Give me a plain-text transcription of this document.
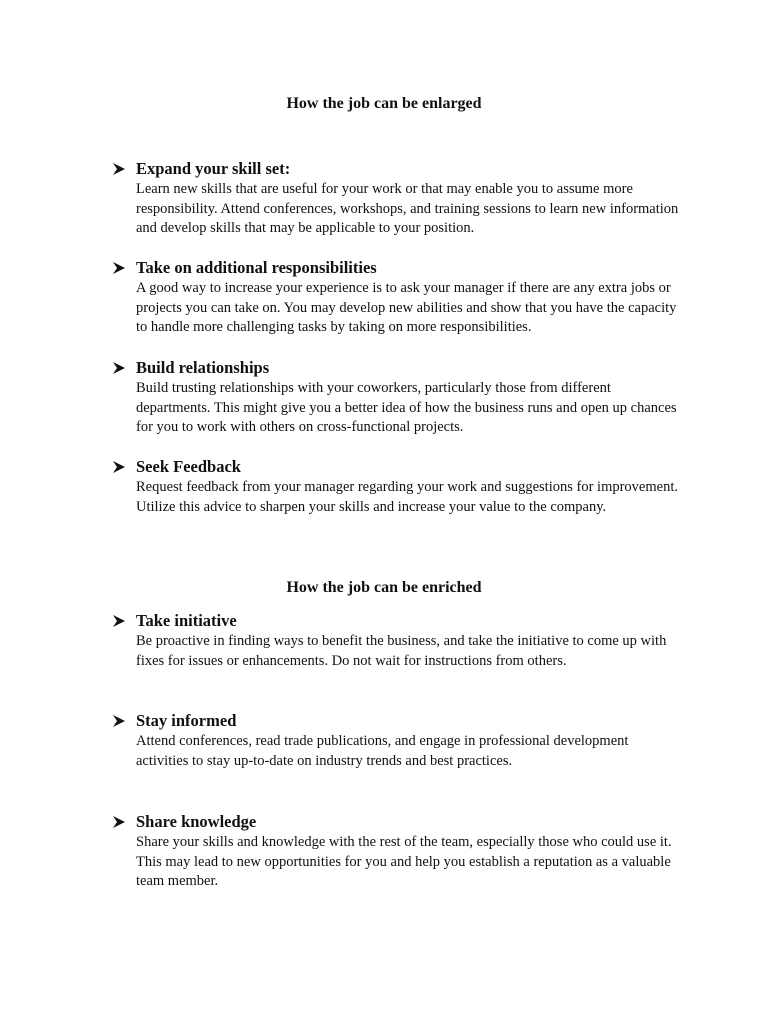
How the job can be enlarged
Expand your skill set:
Learn new skills that are useful for your work or that may enable you to assume more responsibility. Attend conferences, workshops, and training sessions to learn new information and develop skills that may be applicable to your position.
Take on additional responsibilities
A good way to increase your experience is to ask your manager if there are any extra jobs or projects you can take on. You may develop new abilities and show that you have the capacity to handle more challenging tasks by taking on more responsibilities.
Build relationships
Build trusting relationships with your coworkers, particularly those from different departments. This might give you a better idea of how the business runs and open up chances for you to work with others on cross-functional projects.
Seek Feedback
Request feedback from your manager regarding your work and suggestions for improvement. Utilize this advice to sharpen your skills and increase your value to the company.
How the job can be enriched
Take initiative
Be proactive in finding ways to benefit the business, and take the initiative to come up with fixes for issues or enhancements. Do not wait for instructions from others.
Stay informed
Attend conferences, read trade publications, and engage in professional development activities to stay up-to-date on industry trends and best practices.
Share knowledge
Share your skills and knowledge with the rest of the team, especially those who could use it. This may lead to new opportunities for you and help you establish a reputation as a valuable team member.
